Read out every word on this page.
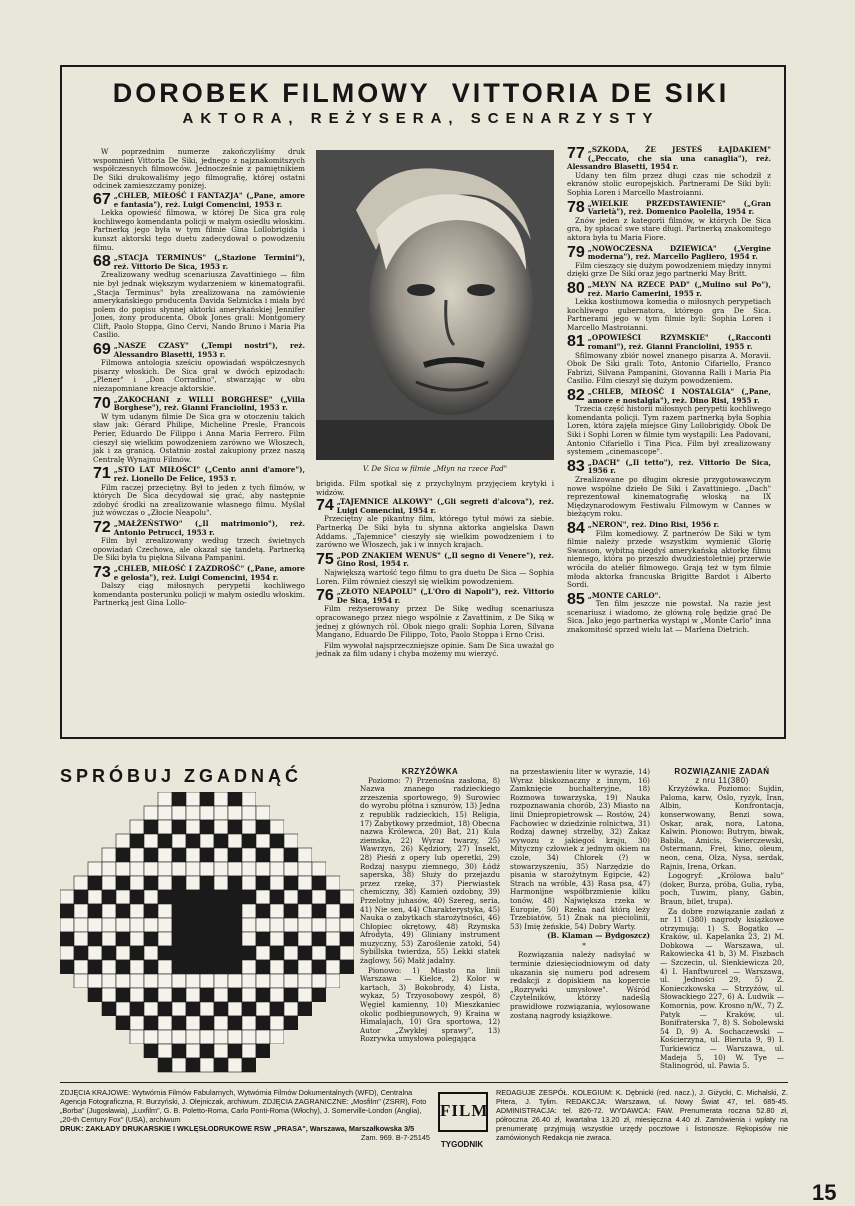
DOROBEK FILMOWY VITTORIA DE SIKI
AKTORA, REŻYSERA, SCENARZYSTY

W poprzednim numerze zakończyliśmy druk wspomnień Vittoria De Siki, jednego z najznakomitszych współczesnych filmowców. Jednocześnie z pamiętnikiem De Siki drukowaliśmy jego filmografię, której ostatni odcinek zamieszczamy poniżej.

67 „CHLEB, MIŁOŚĆ I FANTAZJA" („Pane, amore e fantasia"), reż. Luigi Comencini, 1953 r.
Lekka opowieść filmowa, w której De Sica gra rolę kochliwego komendanta policji w małym osiedlu włoskim. Partnerką jego była w tym filmie Gina Lollobrigida i kunszt aktorski tego duetu zadecydował o powodzeniu filmu.
68 „STACJA TERMINUS" („Stazione Termini"), reż. Vittorio De Sica, 1953 r.
Zrealizowany według scenariusza Zavattiniego — film nie był jednak większym wydarzeniem w kinematografii. „Stacja Terminus" była zrealizowana na zamówienie amerykańskiego producenta Davida Selznicka i miała być polem do popisu słynnej aktorki amerykańskiej Jennifer Jones, żony producenta. Obok Jones grali: Montgomery Clift, Paolo Stoppa, Gino Cervi, Nando Bruno i Maria Pia Casilio.
69 „NASZE CZASY" („Tempi nostri"), reż. Alessandro Blasetti, 1953 r.
Filmowa antologia sześciu opowiadań współczesnych pisarzy włoskich. De Sica grał w dwóch epizodach: „Plener" i „Don Corradino", stwarzając w obu niezapomniane kreacje aktorskie.
70 „ZAKOCHANI z WILLI BORGHESE" („Villa Borghese"), reż. Gianni Franciolini, 1953 r.
W tym udanym filmie De Sica gra w otoczeniu takich sław jak: Gérard Philipe, Micheline Presle, Francois Perier, Eduardo De Filippo i Anna Maria Ferrero. Film cieszył się wielkim powodzeniem zarówno we Włoszech, jak i za granicą. Ostatnio został zakupiony przez naszą Centralę Wynajmu Filmów.
71 „STO LAT MIŁOŚCI" („Cento anni d'amore"), reż. Lionello De Felice, 1953 r.
Film raczej przeciętny. Był to jeden z tych filmów, w których De Sica decydował się grać, aby następnie zdobyć środki na zrealizowanie własnego filmu. Myślał już wówczas o „Złocie Neapolu".
72 „MAŁŻEŃSTWO" („Il matrimonio"), reż. Antonio Petrucci, 1953 r.
Film był zrealizowany według trzech świetnych opowiadań Czechowa, ale okazał się tandetą. Partnerką De Siki była tu piękna Silvana Pampanini.
73 „CHLEB, MIŁOŚĆ I ZAZDROŚĆ" („Pane, amore e gelosia"), reż. Luigi Comencini, 1954 r.
Dalszy ciąg miłosnych perypetii kochliwego komendanta posterunku policji w małym osiedlu włoskim. Partnerką jest Gina Lollo-
V. De Sica w filmie „Młyn na rzece Pad"

brigida. Film spotkał się z przychylnym przyjęciem krytyki i widzów.

74 „TAJEMNICE ALKOWY" („Gli segreti d'alcova"), reż. Luigi Comencini, 1954 r.
Przeciętny ale pikantny film, którego tytuł mówi za siebie. Partnerką De Siki była tu słynna aktorka angielska Dawn Addams. „Tajemnice" cieszyły się wielkim powodzeniem i to zarówno we Włoszech, jak i w innych krajach.
75 „POD ZNAKIEM WENUS" („Il segno di Venere"), reż. Gino Rosi, 1954 r.
Największą wartość tego filmu to gra duetu De Sica — Sophia Loren. Film również cieszył się wielkim powodzeniem.
76 „ZŁOTO NEAPOLU" („L'Oro di Napoli"), reż. Vittorio De Sica, 1954 r.
Film reżyserowany przez De Sikę według scenariusza opracowanego przez niego wspólnie z Zavattinim, z De Siką w jednej z głównych ról. Obok niego grali: Sophia Loren, Silvana Mangano, Eduardo De Filippo, Toto, Paolo Stoppa i Erno Crisi.
Film wywołał najsprzeczniejsze opinie. Sam De Sica uważał go jednak za film udany i chyba możemy mu wierzyć.
77 „SZKODA, ŻE JESTEŚ ŁAJDAKIEM" („Peccato, che sia una canaglia"), reż. Alessandro Blasetti, 1954 r.
Udany ten film przez długi czas nie schodził z ekranów stolic europejskich. Partnerami De Siki byli: Sophia Loren i Marcello Mastroianni.
78 „WIELKIE PRZEDSTAWIENIE" („Gran Varietà"), reż. Domenico Paolella, 1954 r.
Znów jeden z kategorii filmów, w których De Sica gra, by spłacać swe stare długi. Partnerką znakomitego aktora była tu Maria Fiore.
79 „NOWOCZESNA DZIEWICA" („Vergine moderna"), reż. Marcello Pagliero, 1954 r.
Film cieszący się dużym powodzeniem między innymi dzięki grze De Siki oraz jego partnerki May Britt.
80 „MŁYN NA RZECE PAD" („Mulino sul Po"), reż. Mario Camerini, 1955 r.
Lekka kostiumowa komedia o miłosnych perypetiach kochliwego gubernatora, którego gra De Sica. Partnerami jego w tym filmie byli: Sophia Loren i Marcello Mastroianni.
81 „OPOWIEŚCI RZYMSKIE" („Racconti romani"), reż. Gianni Franciolini, 1955 r.
Sfilmowany zbiór nowel znanego pisarza A. Moravii. Obok De Siki grali: Toto, Antonio Cifariello, Franco Fabrizi, Silvana Pampanini, Giovanna Ralli i Maria Pia Casilio. Film cieszył się dużym powodzeniem.
82 „CHLEB, MIŁOŚĆ I NOSTALGIA" („Pane, amore e nostalgia"), reż. Dino Risi, 1955 r.
Trzecia część historii miłosnych perypetii kochliwego komendanta policji. Tym razem partnerką była Sophia Loren, która zajęła miejsce Giny Lollobrigidy. Obok De Siki i Sophi Loren w filmie tym wystąpili: Lea Padovani, Antonio Cifariello i Tina Pica. Film był zrealizowany systemem „cinemascope".
83 „DACH" („Il tetto"), reż. Vittorio De Sica, 1956 r.
Zrealizowane po długim okresie przygotowawczym nowe wspólne dzieło De Siki i Zavattiniego. „Dach" reprezentował kinematografię włoską na IX Międzynarodowym Festiwalu Filmowym w Cannes w bieżącym roku.
84 „NERON", reż. Dino Risi, 1956 r.
Film komediowy. Z partnerów De Siki w tym filmie należy przede wszystkim wymienić Glorię Swanson, wybitną niegdyś amerykańską aktorkę filmu niemego, która po przeszło dwudziestoletniej przerwie wróciła do ateliér filmowego. Grają też w tym filmie młoda aktorka francuska Brigitte Bardot i Alberto Sordi.
85 „MONTE CARLO".
Ten film jeszcze nie powstał. Na razie jest scenariusz i wiadomo, że główną rolę będzie grać De Sica. Jako jego partnerka wystąpi w „Monte Carlo" inna znakomitość sprzed wielu lat — Marlena Dietrich.
SPRÓBUJ ZGADNĄĆ	KRZYŻÓWKA

Poziomo: 7) Przenośna zasłona, 8) Nazwa znanego radzieckiego zrzeszenia sportowego, 9) Surowiec do wyrobu płótna i sznurów, 13) Jedna z republik radzieckich, 15) Religia, 17) Zabytkowy przedmiot, 18) Obecna nazwa Królewca, 20) Bat, 21) Kula ziemska, 22) Wyraz twarzy, 25) Wawrzyn, 26) Kędziory, 27) Insekt, 28) Pieśń z opery lub operetki, 29) Rodzaj nasypu ziemnego, 30) Łódź saperska, 38) Służy do przejazdu przez rzekę, 37) Pierwiastek chemiczny, 38) Kamień ozdobny, 39) Przelotny juhasów, 40) Szereg, seria, 41) Nie sen, 44) Charakterystyka, 45) Nauka o zabytkach starożytności, 46) Chłopiec okrętowy, 48) Rzymska Afrodyta, 49) Gliniany instrument muzyczny, 53) Zaroślenie zatoki, 54) Sybillska twierdza, 55) Lekki statek żaglowy, 56) Małż jadalny.

Pionowo: 1) Miasto na linii Warszawa — Kielce, 2) Kolor w kartach, 3) Bokobrody, 4) Lista, wykaz, 5) Trzyosobowy zespół, 8) Węgiel kamienny, 10) Mieszkaniec okolic podbiegunowych, 9) Kraina w Himalajach, 10) Gra sportowa, 12) Autor „Zwykłej sprawy", 13) Rozrywka umysłowa polegająca

na przestawieniu liter w wyrazie, 14) Wyraz bliskoznaczny z innym, 16) Zamknięcie buchalteryjne, 18) Rozmowa towarzyska, 19) Nauka rozpoznawania chorób, 23) Miasto na linii Dniepropietrowsk — Rostów, 24) Fachowiec w dziedzinie rolnictwa, 31) Rodzaj dawnej strzelby, 32) Zakaz wywozu z jakiegoś kraju, 30) Mityczny człowiek z jednym okiem na czole, 34) Chłorek (?) w stowarzyszeniu, 35) Narzędzie do pisania w starożytnym Egipcie, 42) Strach na wróble, 43) Rasa psa, 47) Harmonijne współbrzmienie kilku tonów, 48) Największa rzeka w Europie, 50) Rzeka nad którą leży Trzebiatów, 51) Znak na pieciolinii, 53) Imię żeńskie, 54) Dobry Warty.

(B. Klaman — Bydgoszcz)

*

Rozwiązania należy nadsyłać w terminie dziesięciodniowym od daty ukazania się numeru pod adresem redakcji z dopiskiem na kopercie „Rozrywki umysłowe". Wśród Czytelników, którzy nadeślą prawidłowe rozwiązania, wylosowane zostaną nagrody książkowe.

ROZWIĄZANIE ZADAŃ
z nru 11(380)

Krzyżówka. Poziomo: Sujdin, Paloma, karw, Oslo, ryzyk, Iran, Albin, Konfrontacja, konserwowany, Benzi sowa, Oskar, arak, nora, Latona, Kalwin. Pionowo: Butrym, biwak, Babila, Amicis, Świerczewski, Ostermann, Frei, kino, oleum, neon, cena, Olza, Nysa, serdak, Rajnis, Irena, Orkan.

Logogryf: „Królowa balu" (doker, Burza, próba, Gulia, ryba, poch, Tuwim, plany, Gabin, Braun, bilet, trupa).

Za dobre rozwiązanie zadań z nr 11 (380) nagrody książkowe otrzymują: 1) S. Bogatko — Kraków, ul. Kapelanka 23, 2) M. Dobkowa — Warszawa, ul. Rakowiecka 41 b, 3) M. Fiszbach — Szczecin, ul. Sienkiewicza 20, 4) I. Hanftwurcel — Warszawa, ul. Jedności 29, 5) Z. Konieczkowska — Strzyżów, ul. Słowackiego 227, 6) A. Ludwik — Komornia, pow. Krosno n/W., 7) Z. Patyk — Kraków, ul. Bonifraterska 7, 8) S. Sobolewski 54 D, 9) A. Sochaczewski — Kościerzyna, ul. Bieruta 9, 9) I. Turkiewicz — Warszawa, ul. Madeja 5, 10) W. Tye — Stalinogród, ul. Pawia 5.

ZDJĘCIA KRAJOWE: Wytwórnia Filmów Fabularnych, Wytwórnia Filmów Dokumentalnych (WFD), Centralna Agencja Fotograficzna, R. Burzyński, J. Olejniczak, archiwum. ZDJĘCIA ZAGRANICZNE: „Mosfilm" (ZSRR), Foto „Borba" (Jugosławia), „Luxfilm", G. B. Poletto-Roma, Carlo Ponti-Roma (Włochy), J. Somerville-London (Anglia), „20-th Century Fox" (USA), archiwum
DRUK: ZAKŁADY DRUKARSKIE I WKLĘSŁODRUKOWE RSW „PRASA", Warszawa, Marszałkowska 3/5
Zam. 969. B-7-25145
FILM
TYGODNIK
REDAGUJE ZESPÓŁ. KOLEGIUM: K. Dębnicki (red. nacz.), J. Giżycki, C. Michalski, Z. Pitera, J. Tylim. REDAKCJA: Warszawa, ul. Nowy Świat 47, tel. 685-45. ADMINISTRACJA: tel. 826-72. WYDAWCA: FAW. Prenumerata roczna 52.80 zł, półroczna 26.40 zł, kwartalna 13.20 zł, miesięczna 4.40 zł. Zamówienia i wpłaty na prenumeratę przyjmują wszystkie urzędy pocztowe i listonosze. Rękopisów nie zamówionych Redakcja nie zwraca.
15
